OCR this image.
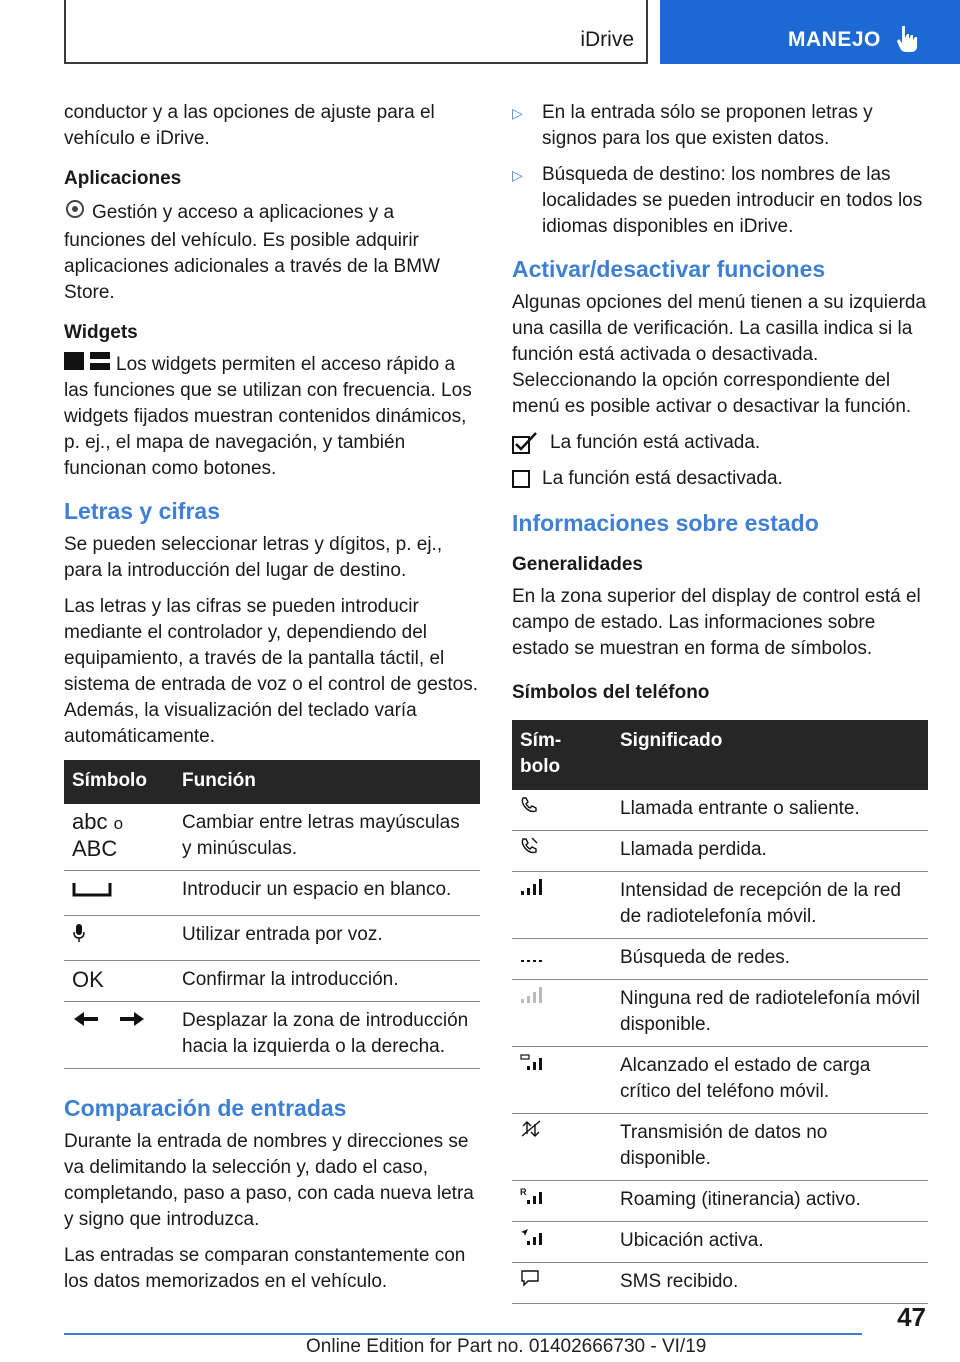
iDrive	MANEJO

conductor y a las opciones de ajuste para el vehículo e iDrive.

Aplicaciones

Gestión y acceso a aplicaciones y a funciones del vehículo. Es posible adquirir aplicaciones adicionales a través de la BMW Store.

Widgets

Los widgets permiten el acceso rápido a las funciones que se utilizan con frecuencia. Los widgets fijados muestran contenidos dinámicos, p. ej., el mapa de navegación, y también funcionan como botones.

Letras y cifras

Se pueden seleccionar letras y dígitos, p. ej., para la introducción del lugar de destino.

Las letras y las cifras se pueden introducir mediante el controlador y, dependiendo del equipamiento, a través de la pantalla táctil, el sistema de entrada de voz o el control de gestos. Además, la visualización del teclado varía automáticamente.

Símbolo	Función

abc o
ABC	Cambiar entre letras mayúsculas y minúsculas.
	Introducir un espacio en blanco.
	Utilizar entrada por voz.
OK	Confirmar la introducción.
	Desplazar la zona de introducción hacia la izquierda o la derecha.
Comparación de entradas

Durante la entrada de nombres y direcciones se va delimitando la selección y, dado el caso, completando, paso a paso, con cada nueva letra y signo que introduzca.

Las entradas se comparan constantemente con los datos memorizados en el vehículo.

▷ En la entrada sólo se proponen letras y signos para los que existen datos.
▷ Búsqueda de destino: los nombres de las localidades se pueden introducir en todos los idiomas disponibles en iDrive.
Activar/desactivar funciones

Algunas opciones del menú tienen a su izquierda una casilla de verificación. La casilla indica si la función está activada o desactivada. Seleccionando la opción correspondiente del menú es posible activar o desactivar la función.

La función está activada.
La función está desactivada.
Informaciones sobre estado
Generalidades

En la zona superior del display de control está el campo de estado. Las informaciones sobre estado se muestran en forma de símbolos.

Símbolos del teléfono
Sím-
bolo	Significado
	Llamada entrante o saliente.
	Llamada perdida.
	Intensidad de recepción de la red de radiotelefonía móvil.
	Búsqueda de redes.
	Ninguna red de radiotelefonía móvil disponible.
	Alcanzado el estado de carga crítico del teléfono móvil.
	Transmisión de datos no disponible.

R	Roaming (itinerancia) activo.
	Ubicación activa.
	SMS recibido.
47
Online Edition for Part no. 01402666730 - VI/19
